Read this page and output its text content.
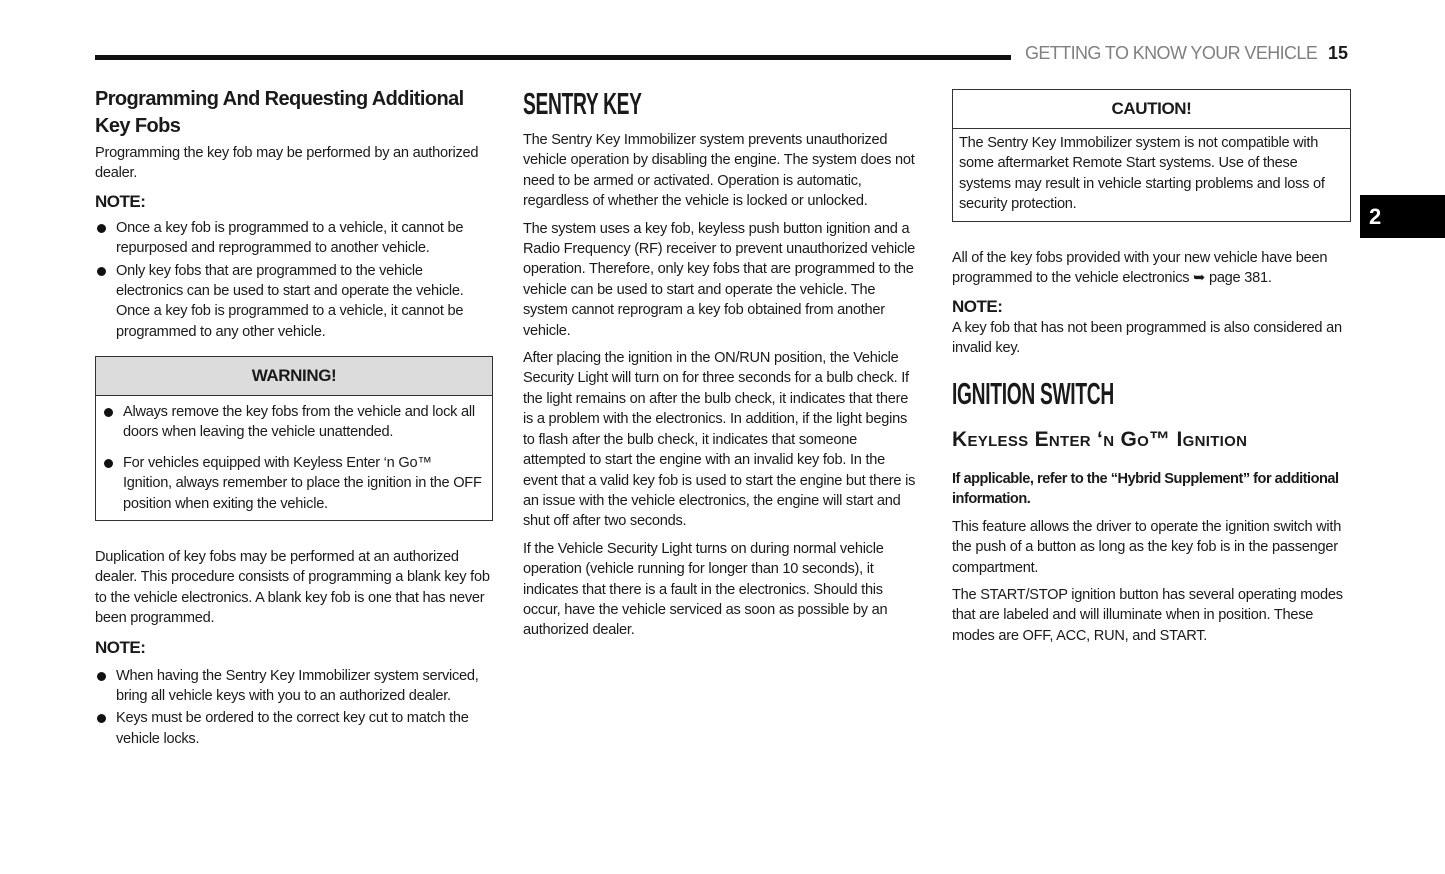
GETTING TO KNOW YOUR VEHICLE 15
2
Programming And Requesting Additional Key Fobs

Programming the key fob may be performed by an authorized dealer.

NOTE:
Once a key fob is programmed to a vehicle, it cannot be repurposed and reprogrammed to another vehicle.
Only key fobs that are programmed to the vehicle electronics can be used to start and operate the vehicle. Once a key fob is programmed to a vehicle, it cannot be programmed to any other vehicle.
WARNING!
Always remove the key fobs from the vehicle and lock all doors when leaving the vehicle unattended.
For vehicles equipped with Keyless Enter ‘n Go™ Ignition, always remember to place the ignition in the OFF position when exiting the vehicle.

Duplication of key fobs may be performed at an authorized dealer. This procedure consists of programming a blank key fob to the vehicle electronics. A blank key fob is one that has never been programmed.

NOTE:
When having the Sentry Key Immobilizer system serviced, bring all vehicle keys with you to an authorized dealer.
Keys must be ordered to the correct key cut to match the vehicle locks.
SENTRY KEY

The Sentry Key Immobilizer system prevents unauthorized vehicle operation by disabling the engine. The system does not need to be armed or activated. Operation is automatic, regardless of whether the vehicle is locked or unlocked.

The system uses a key fob, keyless push button ignition and a Radio Frequency (RF) receiver to prevent unauthorized vehicle operation. Therefore, only key fobs that are programmed to the vehicle can be used to start and operate the vehicle. The system cannot reprogram a key fob obtained from another vehicle.

After placing the ignition in the ON/RUN position, the Vehicle Security Light will turn on for three seconds for a bulb check. If the light remains on after the bulb check, it indicates that there is a problem with the electronics. In addition, if the light begins to flash after the bulb check, it indicates that someone attempted to start the engine with an invalid key fob. In the event that a valid key fob is used to start the engine but there is an issue with the vehicle electronics, the engine will start and shut off after two seconds.

If the Vehicle Security Light turns on during normal vehicle operation (vehicle running for longer than 10 seconds), it indicates that there is a fault in the electronics. Should this occur, have the vehicle serviced as soon as possible by an authorized dealer.

CAUTION!
The Sentry Key Immobilizer system is not compatible with some aftermarket Remote Start systems. Use of these systems may result in vehicle starting problems and loss of security protection.

All of the key fobs provided with your new vehicle have been programmed to the vehicle electronics ➥ page 381.

NOTE:

A key fob that has not been programmed is also considered an invalid key.

IGNITION SWITCH
Keyless Enter ‘n Go™ Ignition

If applicable, refer to the “Hybrid Supplement” for additional information.

This feature allows the driver to operate the ignition switch with the push of a button as long as the key fob is in the passenger compartment.

The START/STOP ignition button has several operating modes that are labeled and will illuminate when in position. These modes are OFF, ACC, RUN, and START.
